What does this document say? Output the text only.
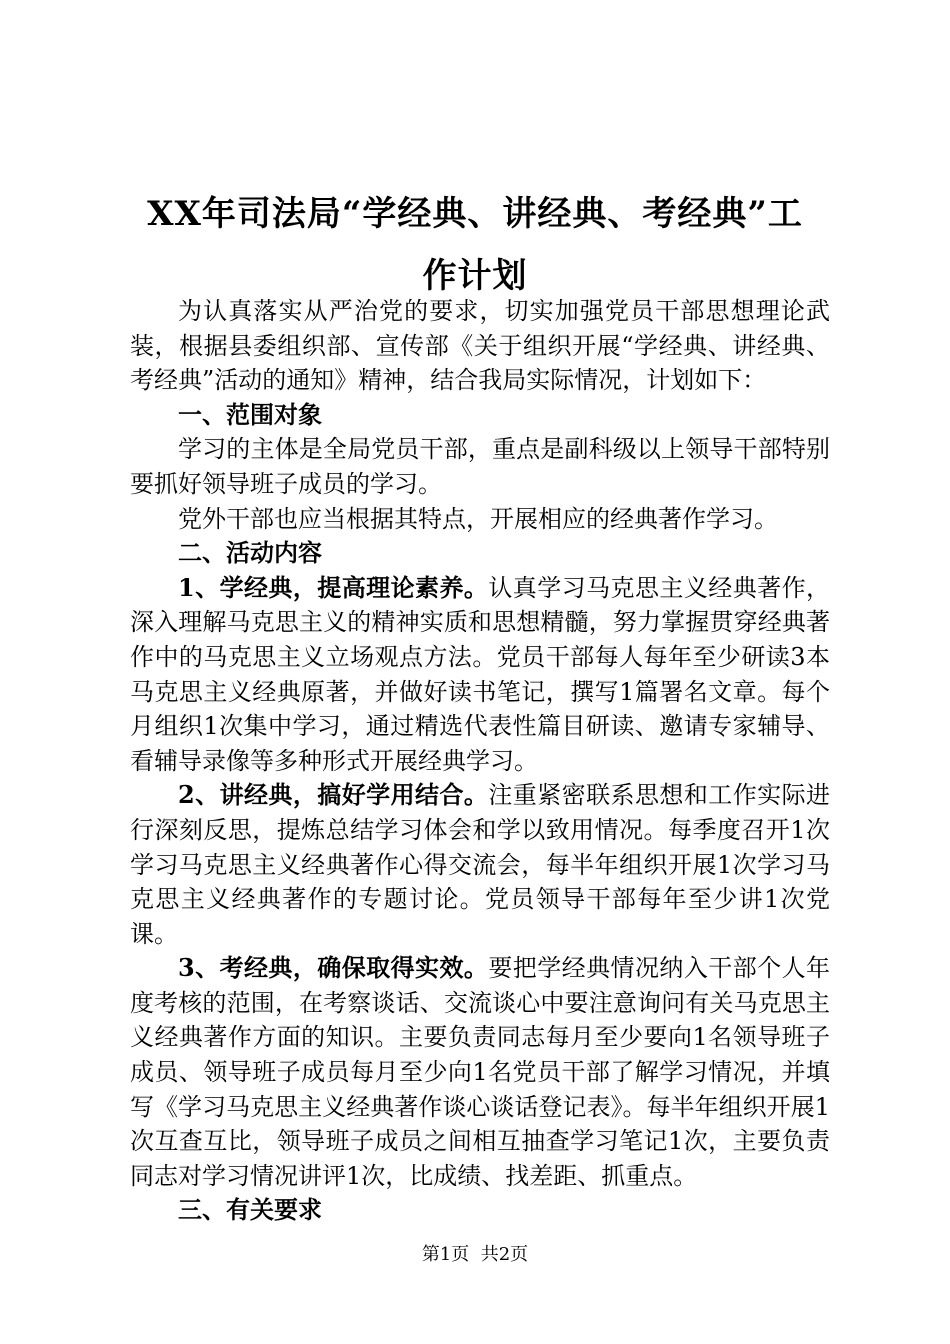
XX年司法局“学经典、讲经典、考经典”工
作计划

为认真落实从严治党的要求，切实加强党员干部思想理论武装，根据县委组织部、宣传部《关于组织开展“学经典、讲经典、考经典”活动的通知》精神，结合我局实际情况，计划如下：

一、范围对象

学习的主体是全局党员干部，重点是副科级以上领导干部特别要抓好领导班子成员的学习。

党外干部也应当根据其特点，开展相应的经典著作学习。

二、活动内容

1、学经典，提高理论素养。认真学习马克思主义经典著作，深入理解马克思主义的精神实质和思想精髓，努力掌握贯穿经典著作中的马克思主义立场观点方法。党员干部每人每年至少研读3本马克思主义经典原著，并做好读书笔记，撰写1篇署名文章。每个月组织1次集中学习，通过精选代表性篇目研读、邀请专家辅导、看辅导录像等多种形式开展经典学习。

2、讲经典，搞好学用结合。注重紧密联系思想和工作实际进行深刻反思，提炼总结学习体会和学以致用情况。每季度召开1次学习马克思主义经典著作心得交流会，每半年组织开展1次学习马克思主义经典著作的专题讨论。党员领导干部每年至少讲1次党课。

3、考经典，确保取得实效。要把学经典情况纳入干部个人年度考核的范围，在考察谈话、交流谈心中要注意询问有关马克思主义经典著作方面的知识。主要负责同志每月至少要向1名领导班子成员、领导班子成员每月至少向1名党员干部了解学习情况，并填写《学习马克思主义经典著作谈心谈话登记表》。每半年组织开展1次互查互比，领导班子成员之间相互抽查学习笔记1次，主要负责同志对学习情况讲评1次，比成绩、找差距、抓重点。

三、有关要求

第1页 共2页
